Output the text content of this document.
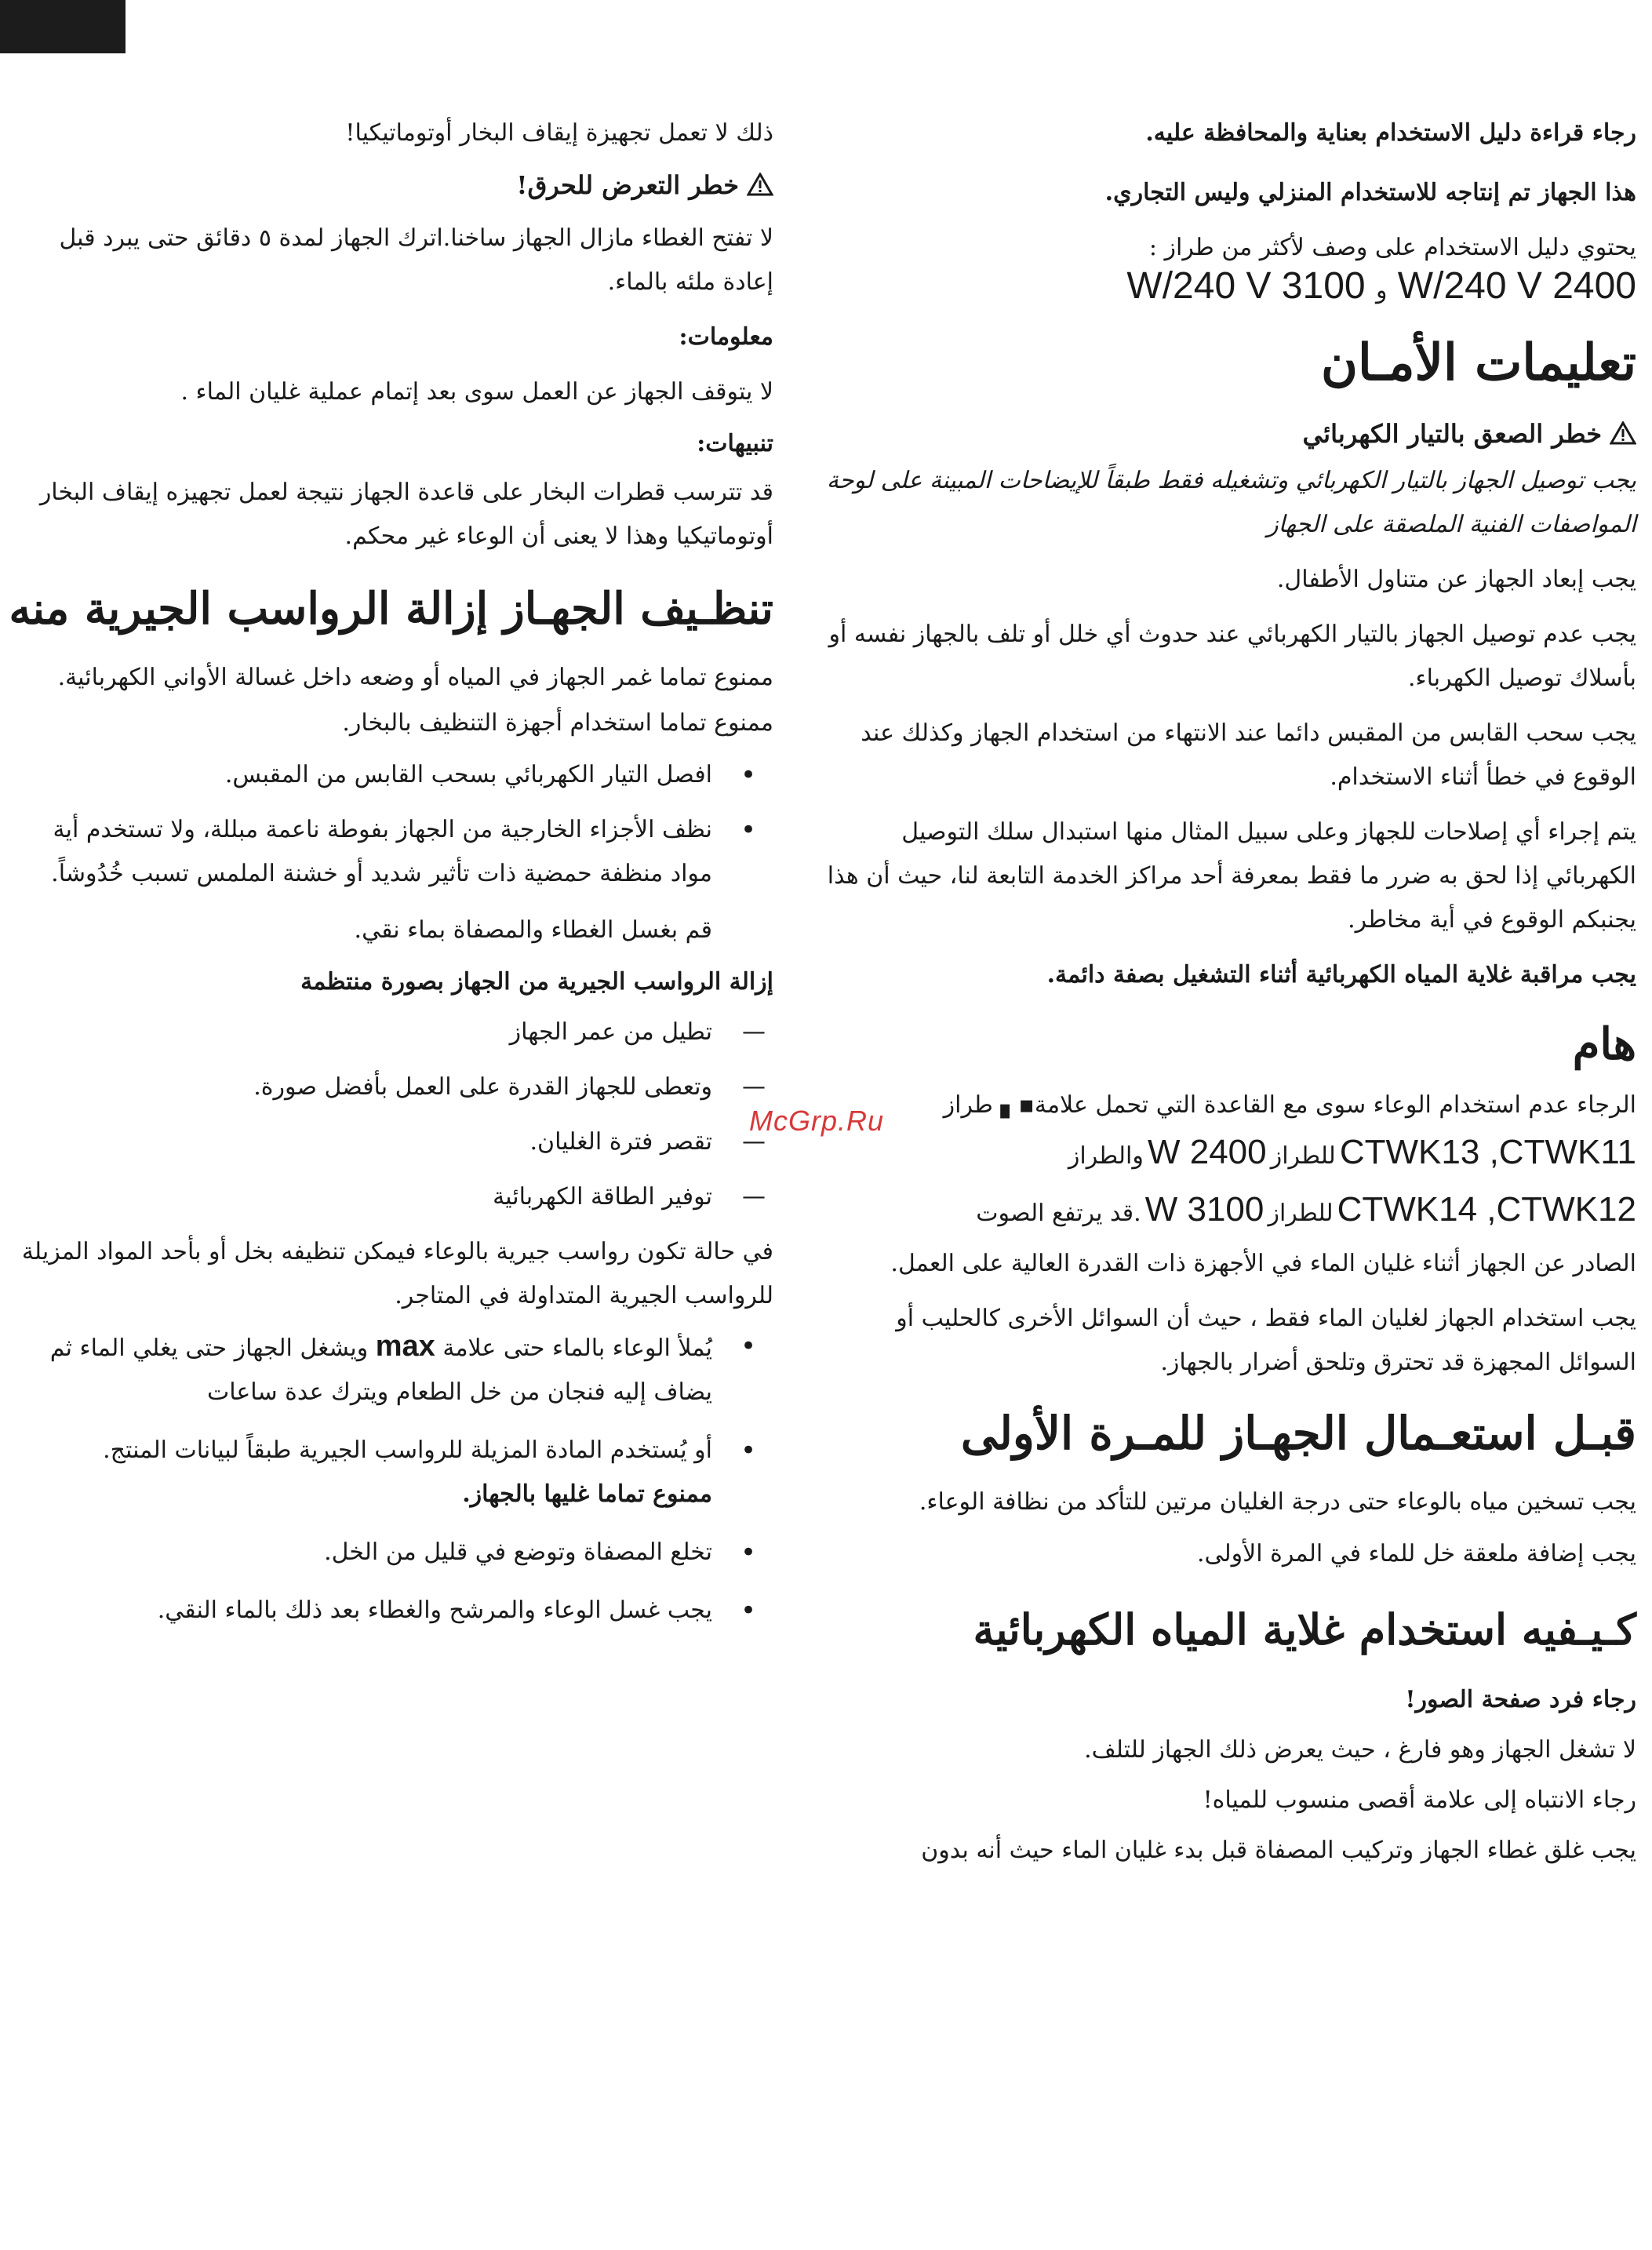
رجاء قراءة دليل الاستخدام بعناية والمحافظة عليه.

هذا الجهاز تم إنتاجه للاستخدام المنزلي وليس التجاري.

يحتوي دليل الاستخدام على وصف لأكثر من طراز :

2400 W/240 V و 3100 W/240 V

تعليمات الأمـان

خطر الصعق بالتيار الكهربائي

يجب توصيل الجهاز بالتيار الكهربائي وتشغيله فقط طبقاً للإيضاحات المبينة على لوحة المواصفات الفنية الملصقة على الجهاز

يجب إبعاد الجهاز عن متناول الأطفال.

يجب عدم توصيل الجهاز بالتيار الكهربائي عند حدوث أي خلل أو تلف بالجهاز نفسه أو بأسلاك توصيل الكهرباء.

يجب سحب القابس من المقبس دائما عند الانتهاء من استخدام الجهاز وكذلك عند الوقوع في خطأ أثناء الاستخدام.

يتم إجراء أي إصلاحات للجهاز وعلى سبيل المثال منها استبدال سلك التوصيل الكهربائي إذا لحق به ضرر ما فقط بمعرفة أحد مراكز الخدمة التابعة لنا، حيث أن هذا يجنبكم الوقوع في أية مخاطر.

يجب مراقبة غلاية المياه الكهربائية أثناء التشغيل بصفة دائمة.

هام

الرجاء عدم استخدام الوعاء سوى مع القاعدة التي تحمل علامة▪▖ طراز

CTWK13 ,CTWK11 للطراز 2400 W والطراز

CTWK14 ,CTWK12 للطراز 3100 W .قد يرتفع الصوت

الصادر عن الجهاز أثناء غليان الماء في الأجهزة ذات القدرة العالية على العمل.

يجب استخدام الجهاز لغليان الماء فقط ، حيث أن السوائل الأخرى كالحليب أو السوائل المجهزة قد تحترق وتلحق أضرار بالجهاز.

قبـل استعـمال الجهـاز للمـرة الأولى

يجب تسخين مياه بالوعاء حتى درجة الغليان مرتين للتأكد من نظافة الوعاء.

يجب إضافة ملعقة خل للماء في المرة الأولى.

كـيـفيه استخدام غلاية المياه الكهربائية

رجاء فرد صفحة الصور!

لا تشغل الجهاز وهو فارغ ، حيث يعرض ذلك الجهاز للتلف.

رجاء الانتباه إلى علامة أقصى منسوب للمياه!

يجب غلق غطاء الجهاز وتركيب المصفاة قبل بدء غليان الماء حيث أنه بدون

ذلك لا تعمل تجهيزة إيقاف البخار أوتوماتيكيا!

خطر التعرض للحرق!

لا تفتح الغطاء مازال الجهاز ساخنا.اترك الجهاز لمدة ٥ دقائق حتى يبرد قبل إعادة ملئه بالماء.

معلومات:

لا يتوقف الجهاز عن العمل سوى بعد إتمام عملية غليان الماء .

تنبيهات:

قد تترسب قطرات البخار على قاعدة الجهاز نتيجة لعمل تجهيزه إيقاف البخار أوتوماتيكيا وهذا لا يعنى أن الوعاء غير محكم.

تنظـيف الجهـاز إزالة الرواسب الجيرية منه

ممنوع تماما غمر الجهاز في المياه أو وضعه داخل غسالة الأواني الكهربائية.

ممنوع تماما استخدام أجهزة التنظيف بالبخار.

• افصل التيار الكهربائي بسحب القابس من المقبس.
• نظف الأجزاء الخارجية من الجهاز بفوطة ناعمة مبللة، ولا تستخدم أية مواد منظفة حمضية ذات تأثير شديد أو خشنة الملمس تسبب خُدُوشاً.

قم بغسل الغطاء والمصفاة بماء نقي.

إزالة الرواسب الجيرية من الجهاز بصورة منتظمة

— تطيل من عمر الجهاز
— وتعطى للجهاز القدرة على العمل بأفضل صورة.
— تقصر فترة الغليان.
— توفير الطاقة الكهربائية

في حالة تكون رواسب جيرية بالوعاء فيمكن تنظيفه بخل أو بأحد المواد المزيلة للرواسب الجيرية المتداولة في المتاجر.

• يُملأ الوعاء بالماء حتى علامة max ويشغل الجهاز حتى يغلي الماء ثم يضاف إليه فنجان من خل الطعام ويترك عدة ساعات
• أو يُستخدم المادة المزيلة للرواسب الجيرية طبقاً لبيانات المنتج.
ممنوع تماما غليها بالجهاز.
• تخلع المصفاة وتوضع في قليل من الخل.
• يجب غسل الوعاء والمرشح والغطاء بعد ذلك بالماء النقي.
McGrp.Ru
